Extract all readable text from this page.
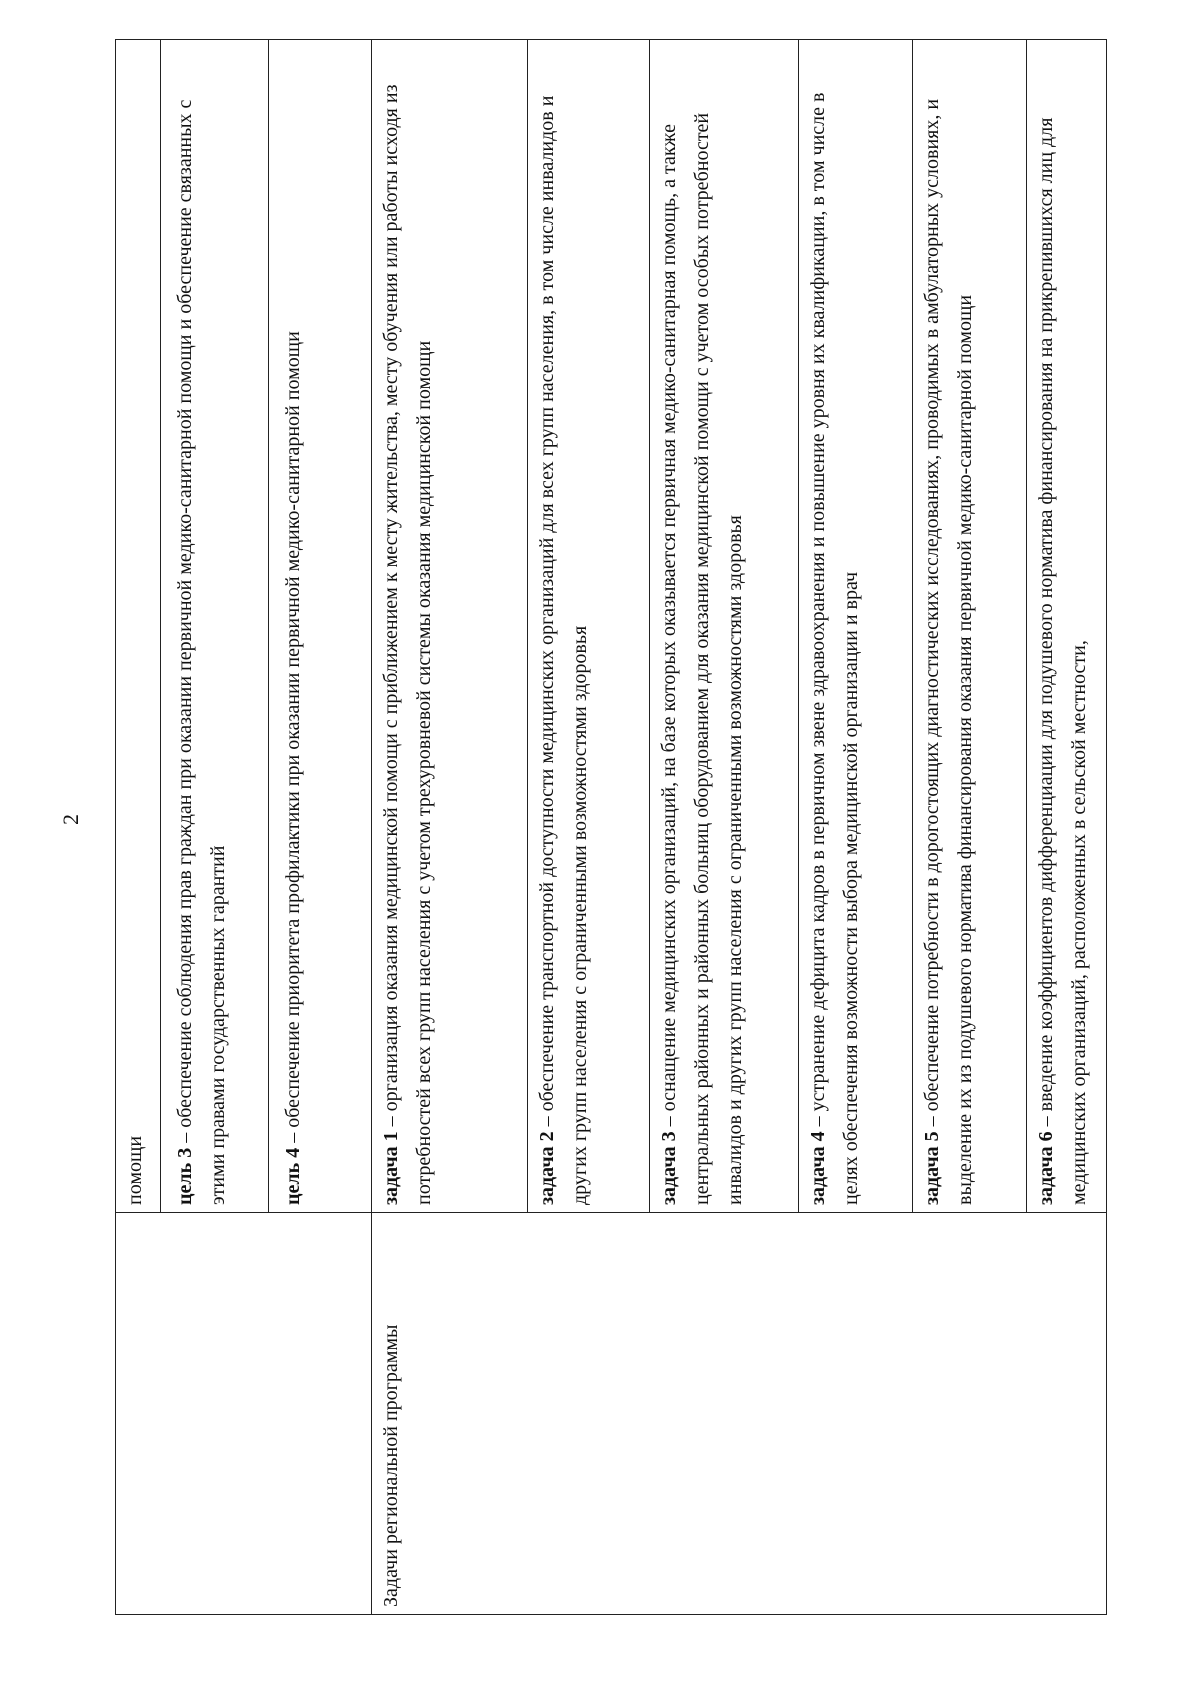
2
	помощи
	цель 3 – обеспечение соблюдения прав граждан при оказании первичной медико-санитарной помощи и обеспечение связанных с этими правами государственных гарантий
	цель 4 – обеспечение приоритета профилактики при оказании первичной медико-санитарной помощи
Задачи региональной программы	задача 1 – организация оказания медицинской помощи с приближением к месту жительства, месту обучения или работы исходя из потребностей всех групп населения с учетом трехуровневой системы оказания медицинской помощи
	задача 2 – обеспечение транспортной доступности медицинских организаций для всех групп населения, в том числе инвалидов и других групп населения с ограниченными возможностями здоровья
	задача 3 – оснащение медицинских организаций, на базе которых оказывается первичная медико-санитарная помощь, а также центральных районных и районных больниц оборудованием для оказания медицинской помощи с учетом особых потребностей инвалидов и других групп населения с ограниченными возможностями здоровья
	задача 4 – устранение дефицита кадров в первичном звене здравоохранения и повышение уровня их квалификации, в том числе в целях обеспечения возможности выбора медицинской организации и врач
	задача 5 – обеспечение потребности в дорогостоящих диагностических исследованиях, проводимых в амбулаторных условиях, и выделение их из подушевого норматива финансирования оказания первичной медико-санитарной помощи
	задача 6 – введение коэффициентов дифференциации для подушевого норматива финансирования на прикрепившихся лиц для медицинских организаций, расположенных в сельской местности,
